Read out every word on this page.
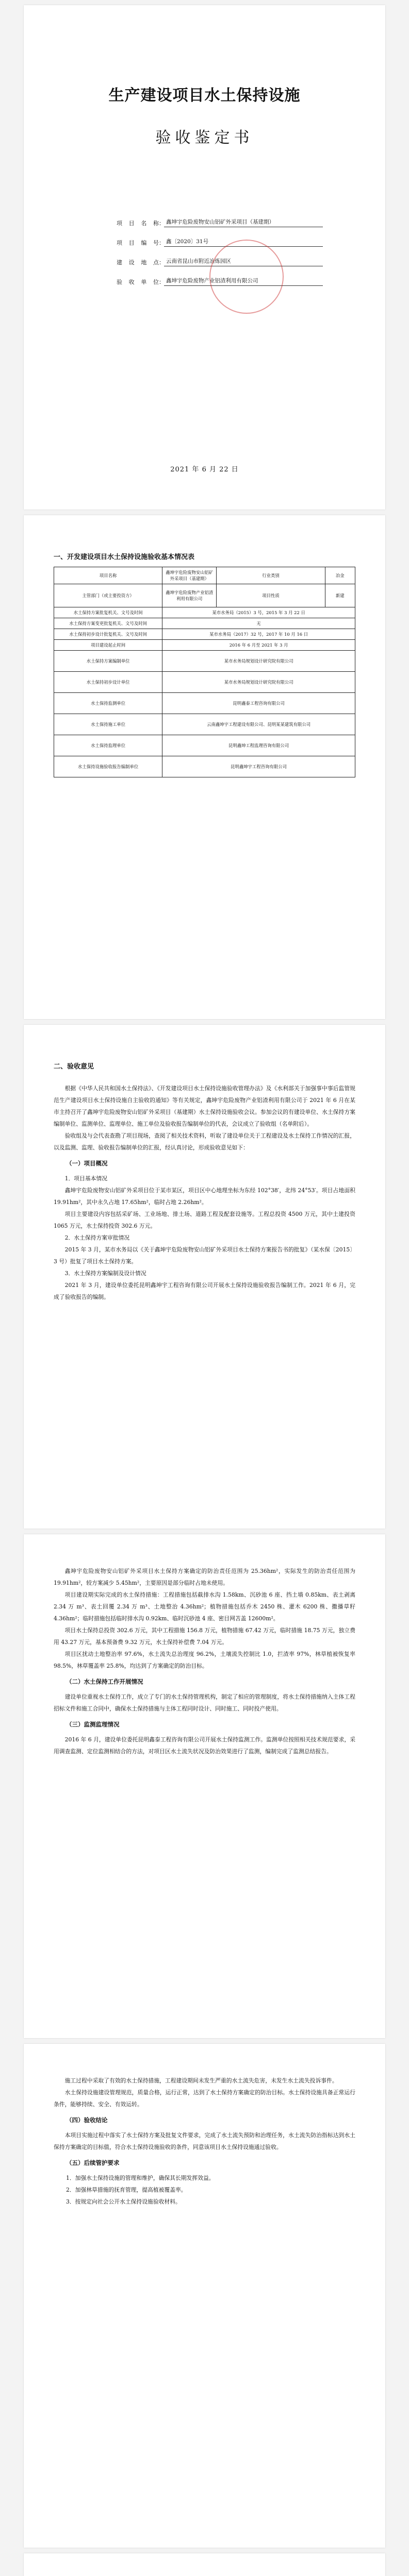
生产建设项目水土保持设施
验收鉴定书
项目名称 ： 鑫坤宇危险废物安山铝矿外采项目（基建期）
项目编号 ： 鑫〔2020〕31号
建设地点 ： 云南省昆山市附近冶炼园区
验收单位 ： 鑫坤宇危险废物产业铝渣利用有限公司
2021 年 6 月 22 日
一、开发建设项目水土保持设施验收基本情况表
项目名称	鑫坤宇危险废物安山铝矿外采项目（基建期）	行业类别	冶金
主管部门（或主要投资方）	鑫坤宇危险废物产业铝渣利用有限公司	项目性质	新建
水土保持方案批复机关、文号及时间	某市水务局（2015）3 号，2015 年 3 月 22 日		
水土保持方案变更批复机关、文号及时间	无		
水土保持初步设计批复机关、文号及时间	某市水务局（2017）32 号，2017 年 10 月 16 日		
项目建设起止时间	2016 年 6 月至 2021 年 3 月		
水土保持方案编制单位	某市水务局规划设计研究院有限公司		
水土保持初步设计单位	某市水务局规划设计研究院有限公司		
水土保持监测单位	昆明鑫泰工程咨询有限公司		
水土保持施工单位	云南鑫坤宇工程建设有限公司、昆明某某建筑有限公司		
水土保持监理单位	昆明鑫坤工程监理咨询有限公司		
水土保持设施验收报告编制单位	昆明鑫坤宇工程咨询有限公司		
二、验收意见

根据《中华人民共和国水土保持法》、《开发建设项目水土保持设施验收管理办法》及《水利部关于加强事中事后监管规范生产建设项目水土保持设施自主验收的通知》等有关规定，鑫坤宇危险废物产业铝渣利用有限公司于 2021 年 6 月在某市主持召开了鑫坤宇危险废物安山铝矿外采项目（基建期）水土保持设施验收会议。参加会议的有建设单位、水土保持方案编制单位、监测单位、监理单位、施工单位及验收报告编制单位的代表，会议成立了验收组（名单附后）。

验收组及与会代表查勘了项目现场，查阅了相关技术资料，听取了建设单位关于工程建设及水土保持工作情况的汇报，以及监测、监理、验收报告编制单位的汇报，经认真讨论，形成验收意见如下：

（一）项目概况

1．项目基本情况

鑫坤宇危险废物安山铝矿外采项目位于某市某区，项目区中心地理坐标为东经 102°38′，北纬 24°53′。项目占地面积 19.91hm²，其中永久占地 17.65hm²，临时占地 2.26hm²。

项目主要建设内容包括采矿场、工业场地、排土场、道路工程及配套设施等。工程总投资 4500 万元，其中土建投资 1065 万元，水土保持投资 302.6 万元。

2．水土保持方案审批情况

2015 年 3 月，某市水务局以《关于鑫坤宇危险废物安山铝矿外采项目水土保持方案报告书的批复》（某水保〔2015〕3 号）批复了项目水土保持方案。

3．水土保持方案编制及设计情况

2021 年 3 月，建设单位委托昆明鑫坤宇工程咨询有限公司开展水土保持设施验收报告编制工作。2021 年 6 月，完成了验收报告的编制。

鑫坤宇危险废物安山铝矿外采项目水土保持方案确定的防治责任范围为 25.36hm²，实际发生的防治责任范围为 19.91hm²，较方案减少 5.45hm²，主要原因是部分临时占地未使用。

项目建设期实际完成的水土保持措施：工程措施包括截排水沟 1.58km、沉砂池 6 座、挡土墙 0.85km、表土剥离 2.34 万 m³、表土回覆 2.34 万 m³、土地整治 4.36hm²；植物措施包括乔木 2450 株、灌木 6200 株、撒播草籽 4.36hm²；临时措施包括临时排水沟 0.92km、临时沉砂池 4 座、密目网苫盖 12600m²。

项目水土保持总投资 302.6 万元，其中工程措施 156.8 万元，植物措施 67.42 万元，临时措施 18.75 万元，独立费用 43.27 万元，基本预备费 9.32 万元，水土保持补偿费 7.04 万元。

项目区扰动土地整治率 97.6%，水土流失总治理度 96.2%，土壤流失控制比 1.0，拦渣率 97%，林草植被恢复率 98.5%，林草覆盖率 25.8%，均达到了方案确定的防治目标。

（二）水土保持工作开展情况

建设单位重视水土保持工作，成立了专门的水土保持管理机构，制定了相应的管理制度，将水土保持措施纳入主体工程招标文件和施工合同中，确保水土保持措施与主体工程同时设计、同时施工、同时投产使用。

（三）监测监理情况

2016 年 6 月，建设单位委托昆明鑫泰工程咨询有限公司开展水土保持监测工作。监测单位按照相关技术规范要求，采用调查监测、定位监测相结合的方法，对项目区水土流失状况及防治效果进行了监测，编制完成了监测总结报告。

施工过程中采取了有效的水土保持措施，工程建设期间未发生严重的水土流失危害，未发生水土流失投诉事件。

水土保持设施建设管理规范，质量合格，运行正常，达到了水土保持方案确定的防治目标。水土保持设施具备正常运行条件，能够持续、安全、有效运转。

（四）验收结论

本项目实施过程中落实了水土保持方案及批复文件要求，完成了水土流失预防和治理任务，水土流失防治指标达到水土保持方案确定的目标值，符合水土保持设施验收的条件，同意该项目水土保持设施通过验收。

（五）后续管护要求

1．加强水土保持设施的管理和维护，确保其长期发挥效益。

2．加强林草措施的抚育管理，提高植被覆盖率。

3．按规定向社会公开水土保持设施验收材料。
